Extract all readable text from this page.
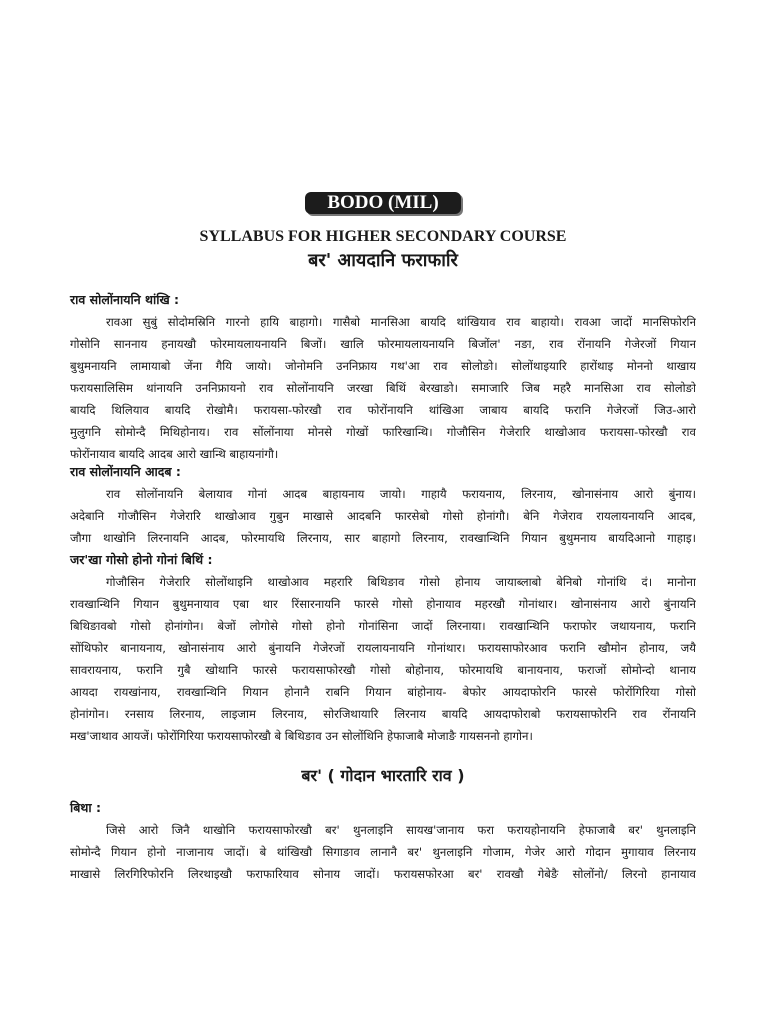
BODO (MIL)
SYLLABUS FOR HIGHER SECONDARY COURSE
बर' आयदानि फराफारि
राव सोलोंनायनि थांखि :
रावआ सुबुं सोदोमस्रिनि गारनो हायि बाहागो। गासैबो मानसिआ बायदि थांखियाव राव बाहायो। रावआ जादों मानसिफोरनि
गोसोनि साननाय हनायखौ फोरमायलायनायनि बिजों। खालि फोरमायलायनायनि बिजोंल' नङा, राव रोंनायनि गेजेरजों गियान
बुथुमनायनि लामायाबो जेंना गैयि जायो। जोनोमनि उननिफ्राय गथ'आ राव सोलोङो। सोलोंथाइयारि हारोंथाइ मोननो थाखाय
फरायसालिसिम थांनायनि उननिफ्रायनो राव सोलोंनायनि जरखा बिथिं बेरखाङो। समाजारि जिब महरै मानसिआ राव सोलोङो
बायदि थिलियाव बायदि रोखोमै। फरायसा-फोरखौ राव फोरोंनायनि थांखिआ जाबाय बायदि फरानि गेजेरजों जिउ-आरो
मुलुगनि सोमोन्दै मिथिहोनाय। राव सोंलोंनाया मोनसे गोखों फारिखान्थि। गोजौसिन गेजेरारि थाखोआव फरायसा-फोरखौ राव
फोरोंनायाव बायदि आदब आरो खान्थि बाहायनांगौ।
राव सोलोंनायनि आदब :
राव सोलोंनायनि बेलायाव गोनां आदब बाहायनाय जायो। गाहायै फरायनाय, लिरनाय, खोनासंनाय आरो बुंनाय।
अदेबानि गोजौसिन गेजेरारि थाखोआव गुबुन माखासे आदबनि फारसेबो गोसो होनांगौ। बेनि गेजेराव रायलायनायनि आदब,
जौगा थाखोनि लिरनायनि आदब, फोरमायथि लिरनाय, सार बाहागो लिरनाय, रावखान्थिनि गियान बुथुमनाय बायदिआनो गाहाइ।
जर'खा गोसो होनो गोनां बिथिं :
गोजौसिन गेजेरारि सोलोंथाइनि थाखोआव महरारि बिथिङाव गोसो होनाय जायाब्लाबो बेनिबो गोनांथि दं। मानोना
रावखान्थिनि गियान बुथुमनायाव एबा थार रिंसारनायनि फारसे गोसो होनायाव महरखौ गोनांथार। खोनासंनाय आरो बुंनायनि
बिथिङावबो गोसो होनांगोन। बेजों लोगोसे गोसो होनो गोनांसिना जादों लिरनाया। रावखान्थिनि फराफोर जथायनाय, फरानि
सोंथिफोर बानायनाय, खोनासंनाय आरो बुंनायनि गेजेरजों रायलायनायनि गोनांथार। फरायसाफोरआव फरानि खौमोन होनाय, जयै
सावरायनाय, फरानि गुबै खोथानि फारसे फरायसाफोरखौ गोसो बोहोनाय, फोरमायथि बानायनाय, फराजों सोमोन्दो थानाय
आयदा रायखांनाय, रावखान्थिनि गियान होनानै राबनि गियान बांहोनाय- बेफोर आयदाफोरनि फारसे फोरोंगिरिया गोसो
होनांगोन। रनसाय लिरनाय, लाइजाम लिरनाय, सोरजिथायारि लिरनाय बायदि आयदाफोराबो फरायसाफोरनि राव रोंनायनि
मख'जाथाव आयजें। फोरोंगिरिया फरायसाफोरखौ बे बिथिङाव उन सोलोंथिनि हेफाजाबै मोजाङै गायसननो हागोन।
बर' ( गोदान भारतारि राव )
बिथा :
जिसे आरो जिनै थाखोनि फरायसाफोरखौ बर' थुनलाइनि सायख'जानाय फरा फरायहोनायनि हेफाजाबै बर' थुनलाइनि
सोमोन्दै गियान होनो नाजानाय जादों। बे थांखिखौ सिगाङाव लानानै बर' थुनलाइनि गोजाम, गेजेर आरो गोदान मुगायाव लिरनाय
माखासे लिरगिरिफोरनि लिरथाइखौ फराफारियाव सोनाय जादों। फरायसफोरआ बर' रावखौ गेबेङै सोलोंनो/ लिरनो हानायाव
